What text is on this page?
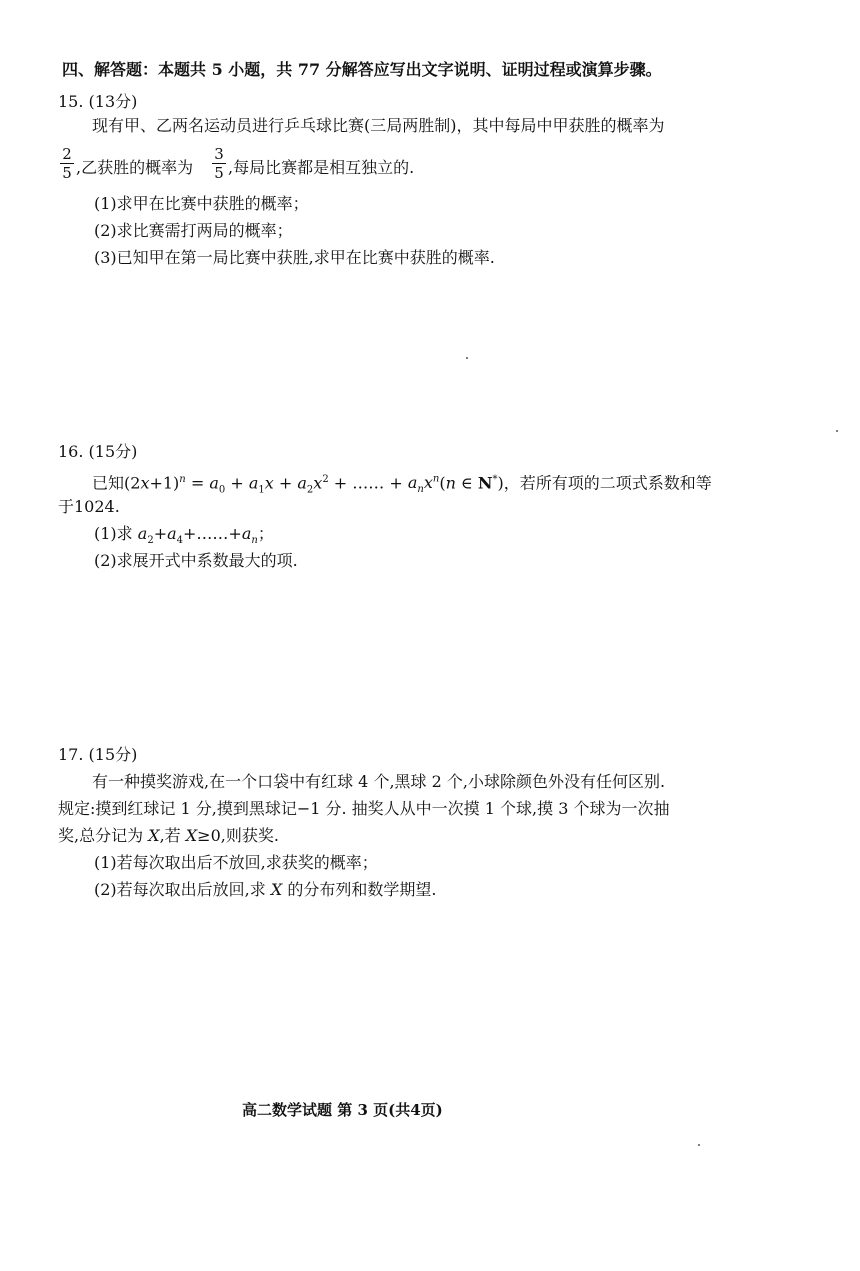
四、解答题：本题共 5 小题，共 77 分解答应写出文字说明、证明过程或演算步骤。
15. (13分)
现有甲、乙两名运动员进行乒乓球比赛(三局两胜制)，其中每局中甲获胜的概率为
2
5 ,乙获胜的概率为
3
5 ,每局比赛都是相互独立的.
(1)求甲在比赛中获胜的概率；
(2)求比赛需打两局的概率；
(3)已知甲在第一局比赛中获胜,求甲在比赛中获胜的概率.
16. (15分)
已知$(2x+1)^n = a_0 + a_1x + a_2x^2$ + …… + $a_nx^n(n$ ∈ N*)，若所有项的二项式系数和等
于1024.
(1)求 $a_2+a_4+\dots\dots+a_n$；
(2)求展开式中系数最大的项.
17. (15分)
有一种摸奖游戏,在一个口袋中有红球 4 个,黑球 2 个,小球除颜色外没有任何区别.
规定:摸到红球记 1 分,摸到黑球记−1 分. 抽奖人从中一次摸 1 个球,摸 3 个球为一次抽
奖,总分记为 X,若 X≥0,则获奖.
(1)若每次取出后不放回,求获奖的概率；
(2)若每次取出后放回,求 X 的分布列和数学期望.
高二数学试题 第 3 页(共4页)
